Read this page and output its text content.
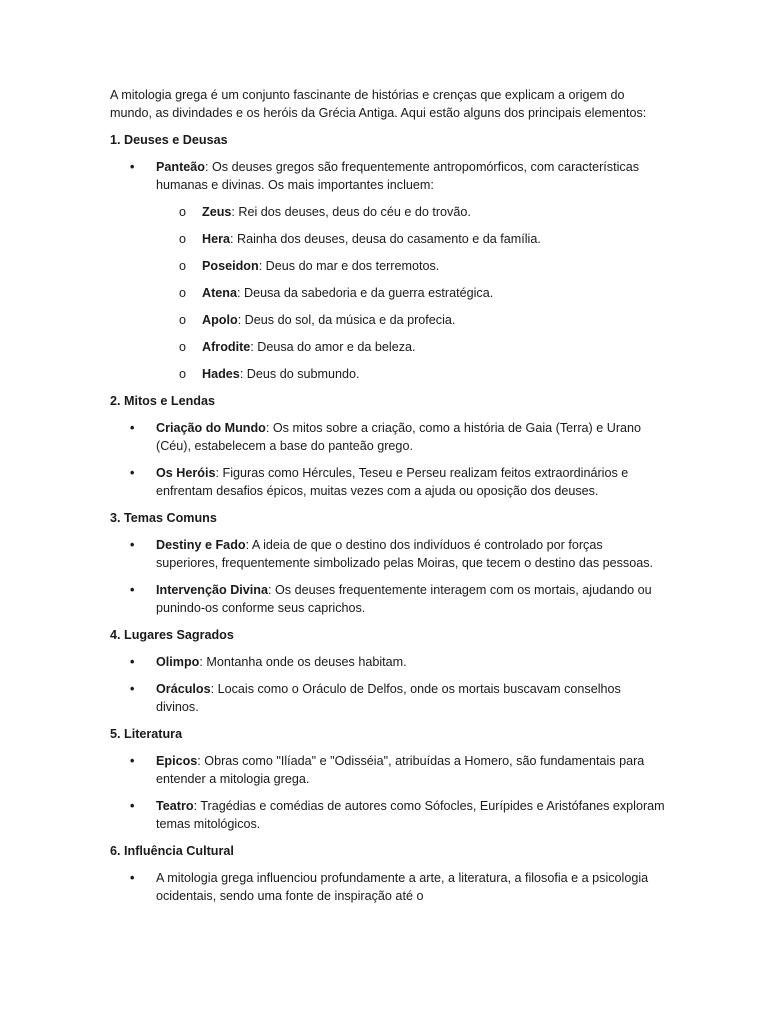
A mitologia grega é um conjunto fascinante de histórias e crenças que explicam a origem do mundo, as divindades e os heróis da Grécia Antiga. Aqui estão alguns dos principais elementos:

1. Deuses e Deusas
• Panteão: Os deuses gregos são frequentemente antropomórficos, com características humanas e divinas. Os mais importantes incluem:
o Zeus: Rei dos deuses, deus do céu e do trovão.
o Hera: Rainha dos deuses, deusa do casamento e da família.
o Poseidon: Deus do mar e dos terremotos.
o Atena: Deusa da sabedoria e da guerra estratégica.
o Apolo: Deus do sol, da música e da profecia.
o Afrodite: Deusa do amor e da beleza.
o Hades: Deus do submundo.
2. Mitos e Lendas
• Criação do Mundo: Os mitos sobre a criação, como a história de Gaia (Terra) e Urano (Céu), estabelecem a base do panteão grego.
• Os Heróis: Figuras como Hércules, Teseu e Perseu realizam feitos extraordinários e enfrentam desafios épicos, muitas vezes com a ajuda ou oposição dos deuses.
3. Temas Comuns
• Destiny e Fado: A ideia de que o destino dos indivíduos é controlado por forças superiores, frequentemente simbolizado pelas Moiras, que tecem o destino das pessoas.
• Intervenção Divina: Os deuses frequentemente interagem com os mortais, ajudando ou punindo-os conforme seus caprichos.
4. Lugares Sagrados
• Olimpo: Montanha onde os deuses habitam.
• Oráculos: Locais como o Oráculo de Delfos, onde os mortais buscavam conselhos divinos.
5. Literatura
• Epicos: Obras como "Ilíada" e "Odisséia", atribuídas a Homero, são fundamentais para entender a mitologia grega.
• Teatro: Tragédias e comédias de autores como Sófocles, Eurípides e Aristófanes exploram temas mitológicos.
6. Influência Cultural
• A mitologia grega influenciou profundamente a arte, a literatura, a filosofia e a psicologia ocidentais, sendo uma fonte de inspiração até o
